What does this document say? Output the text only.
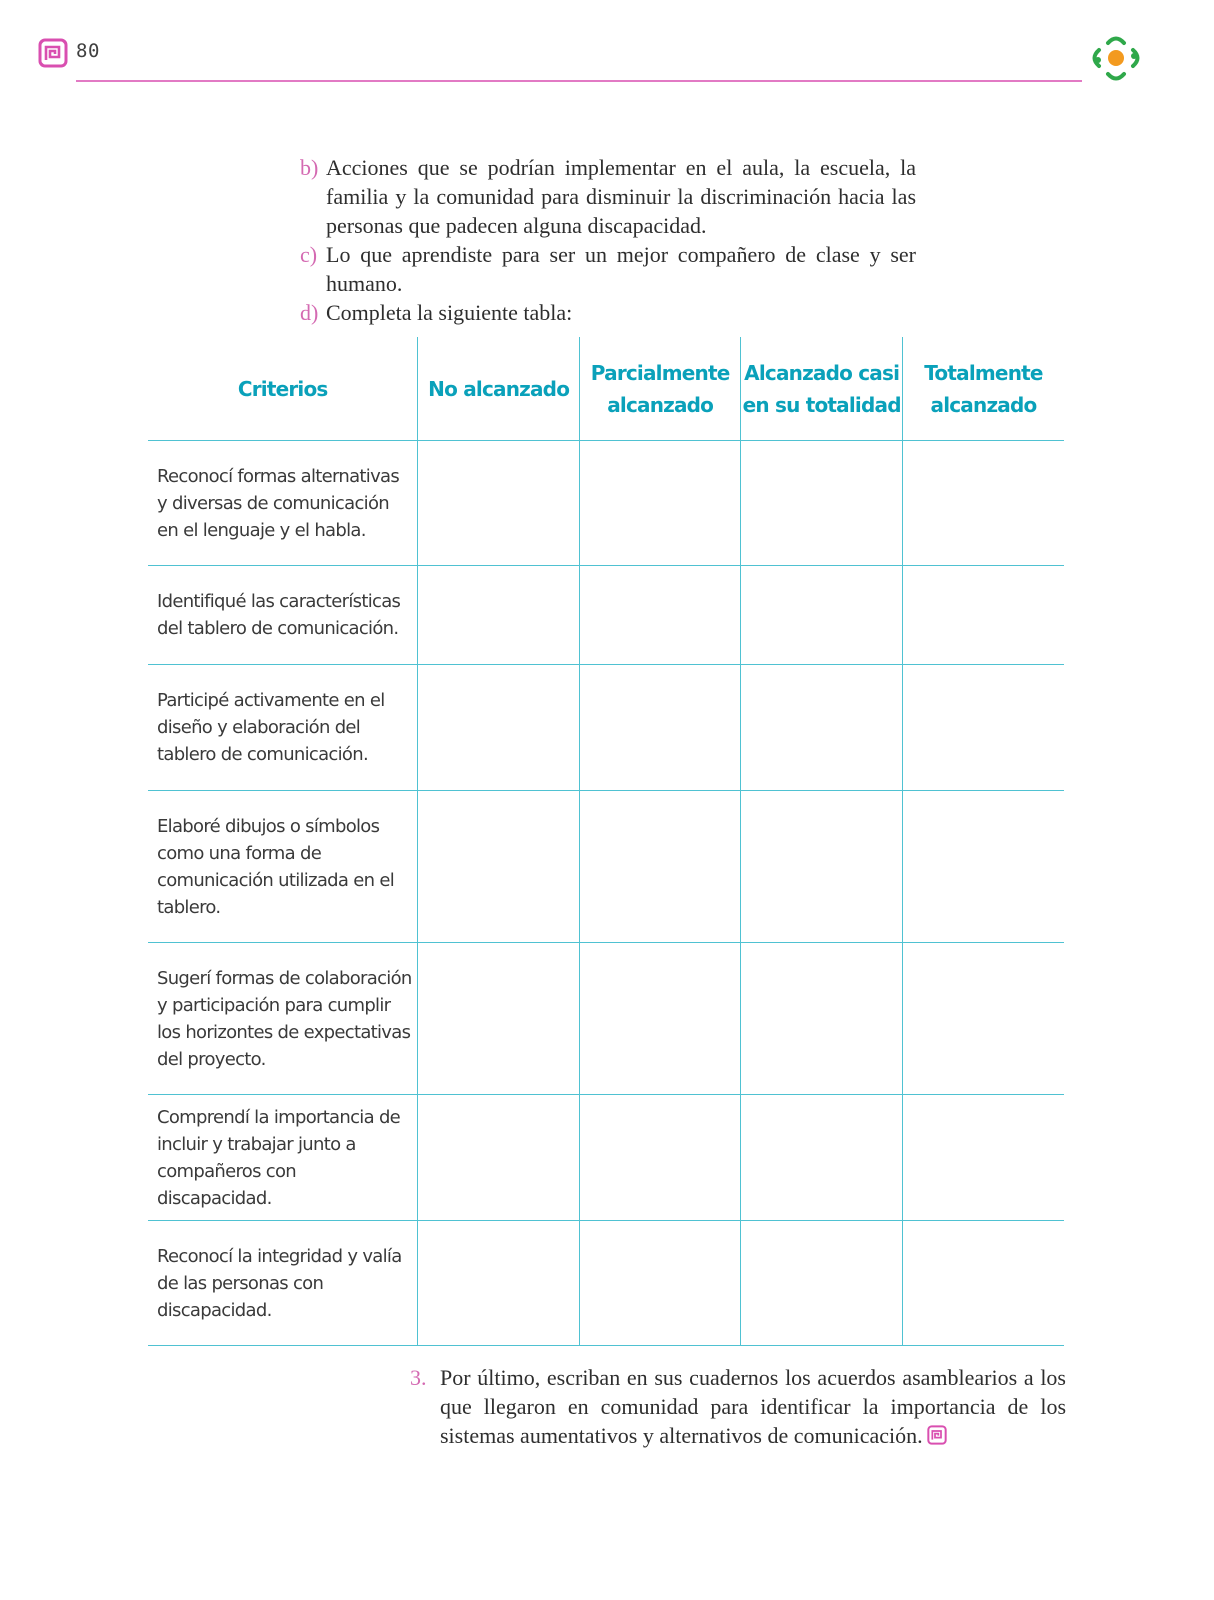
80
b) Acciones que se podrían implementar en el aula, la escuela, la familia y la comunidad para disminuir la discriminación hacia las personas que padecen alguna discapacidad.
c) Lo que aprendiste para ser un mejor compañero de clase y ser humano.
d) Completa la siguiente tabla:
Criterios	No alcanzado	Parcialmente alcanzado	Alcanzado casi en su totalidad	Totalmente alcanzado
Reconocí formas alternativas y diversas de comunicación en el lenguaje y el habla.				
Identifiqué las características del tablero de comunicación.				
Participé activamente en el diseño y elaboración del tablero de comunicación.				
Elaboré dibujos o símbolos como una forma de comunicación utilizada en el tablero.				
Sugerí formas de colaboración y participación para cumplir los horizontes de expectativas del proyecto.				
Comprendí la importancia de incluir y trabajar junto a compañeros con discapacidad.				
Reconocí la integridad y valía de las personas con discapacidad.				
3. Por último, escriban en sus cuadernos los acuerdos asamblearios a los que llegaron en comunidad para identificar la importancia de los sistemas aumentativos y alternativos de comunicación.
